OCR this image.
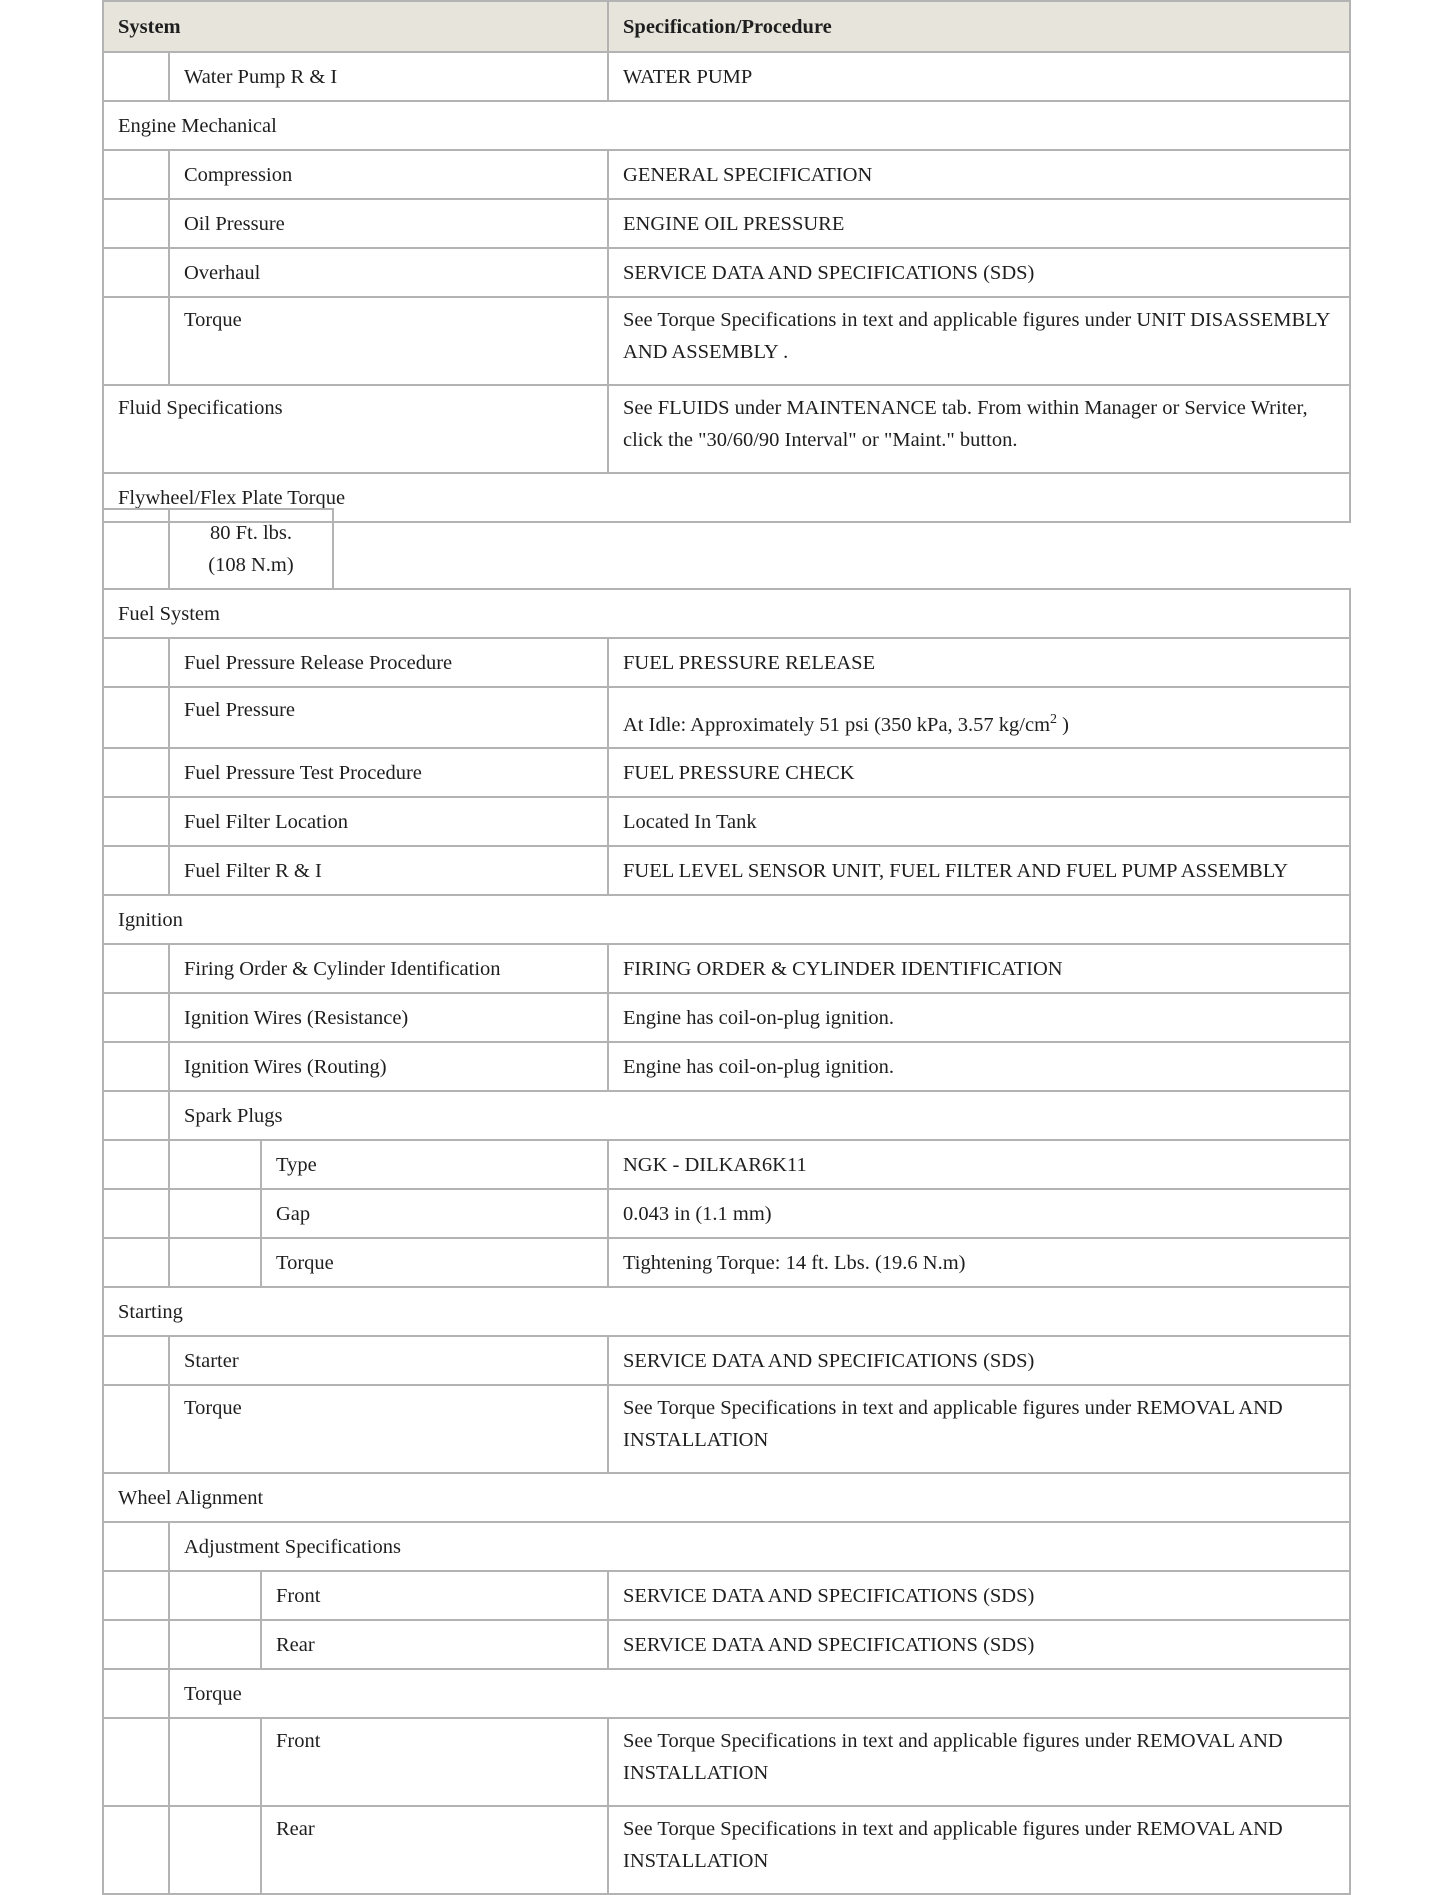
System		Specification/Procedure
	Water Pump R & I	WATER PUMP
Engine Mechanical		
	Compression	GENERAL SPECIFICATION
	Oil Pressure	ENGINE OIL PRESSURE
	Overhaul	SERVICE DATA AND SPECIFICATIONS (SDS)
	Torque	See Torque Specifications in text and applicable figures under UNIT DISASSEMBLY AND ASSEMBLY .
Fluid Specifications		See FLUIDS under MAINTENANCE tab. From within Manager or Service Writer, click the "30/60/90 Interval" or "Maint." button.
Flywheel/Flex Plate Torque		
	80 Ft. lbs.
(108 N.m)
Fuel System			
	Fuel Pressure Release Procedure		FUEL PRESSURE RELEASE
	Fuel Pressure		At Idle: Approximately 51 psi (350 kPa, 3.57 $kg/cm^2$ )
	Fuel Pressure Test Procedure		FUEL PRESSURE CHECK
	Fuel Filter Location		Located In Tank
	Fuel Filter R & I		FUEL LEVEL SENSOR UNIT, FUEL FILTER AND FUEL PUMP ASSEMBLY
Ignition			
	Firing Order & Cylinder Identification		FIRING ORDER & CYLINDER IDENTIFICATION
	Ignition Wires (Resistance)		Engine has coil-on-plug ignition.
	Ignition Wires (Routing)		Engine has coil-on-plug ignition.
	Spark Plugs		
		Type	NGK - DILKAR6K11
		Gap	0.043 in (1.1 mm)
		Torque	Tightening Torque: 14 ft. Lbs. (19.6 N.m)
Starting			
	Starter		SERVICE DATA AND SPECIFICATIONS (SDS)
	Torque		See Torque Specifications in text and applicable figures under REMOVAL AND INSTALLATION
Wheel Alignment			
	Adjustment Specifications		
		Front	SERVICE DATA AND SPECIFICATIONS (SDS)
		Rear	SERVICE DATA AND SPECIFICATIONS (SDS)
	Torque		
		Front	See Torque Specifications in text and applicable figures under REMOVAL AND INSTALLATION
		Rear	See Torque Specifications in text and applicable figures under REMOVAL AND INSTALLATION
